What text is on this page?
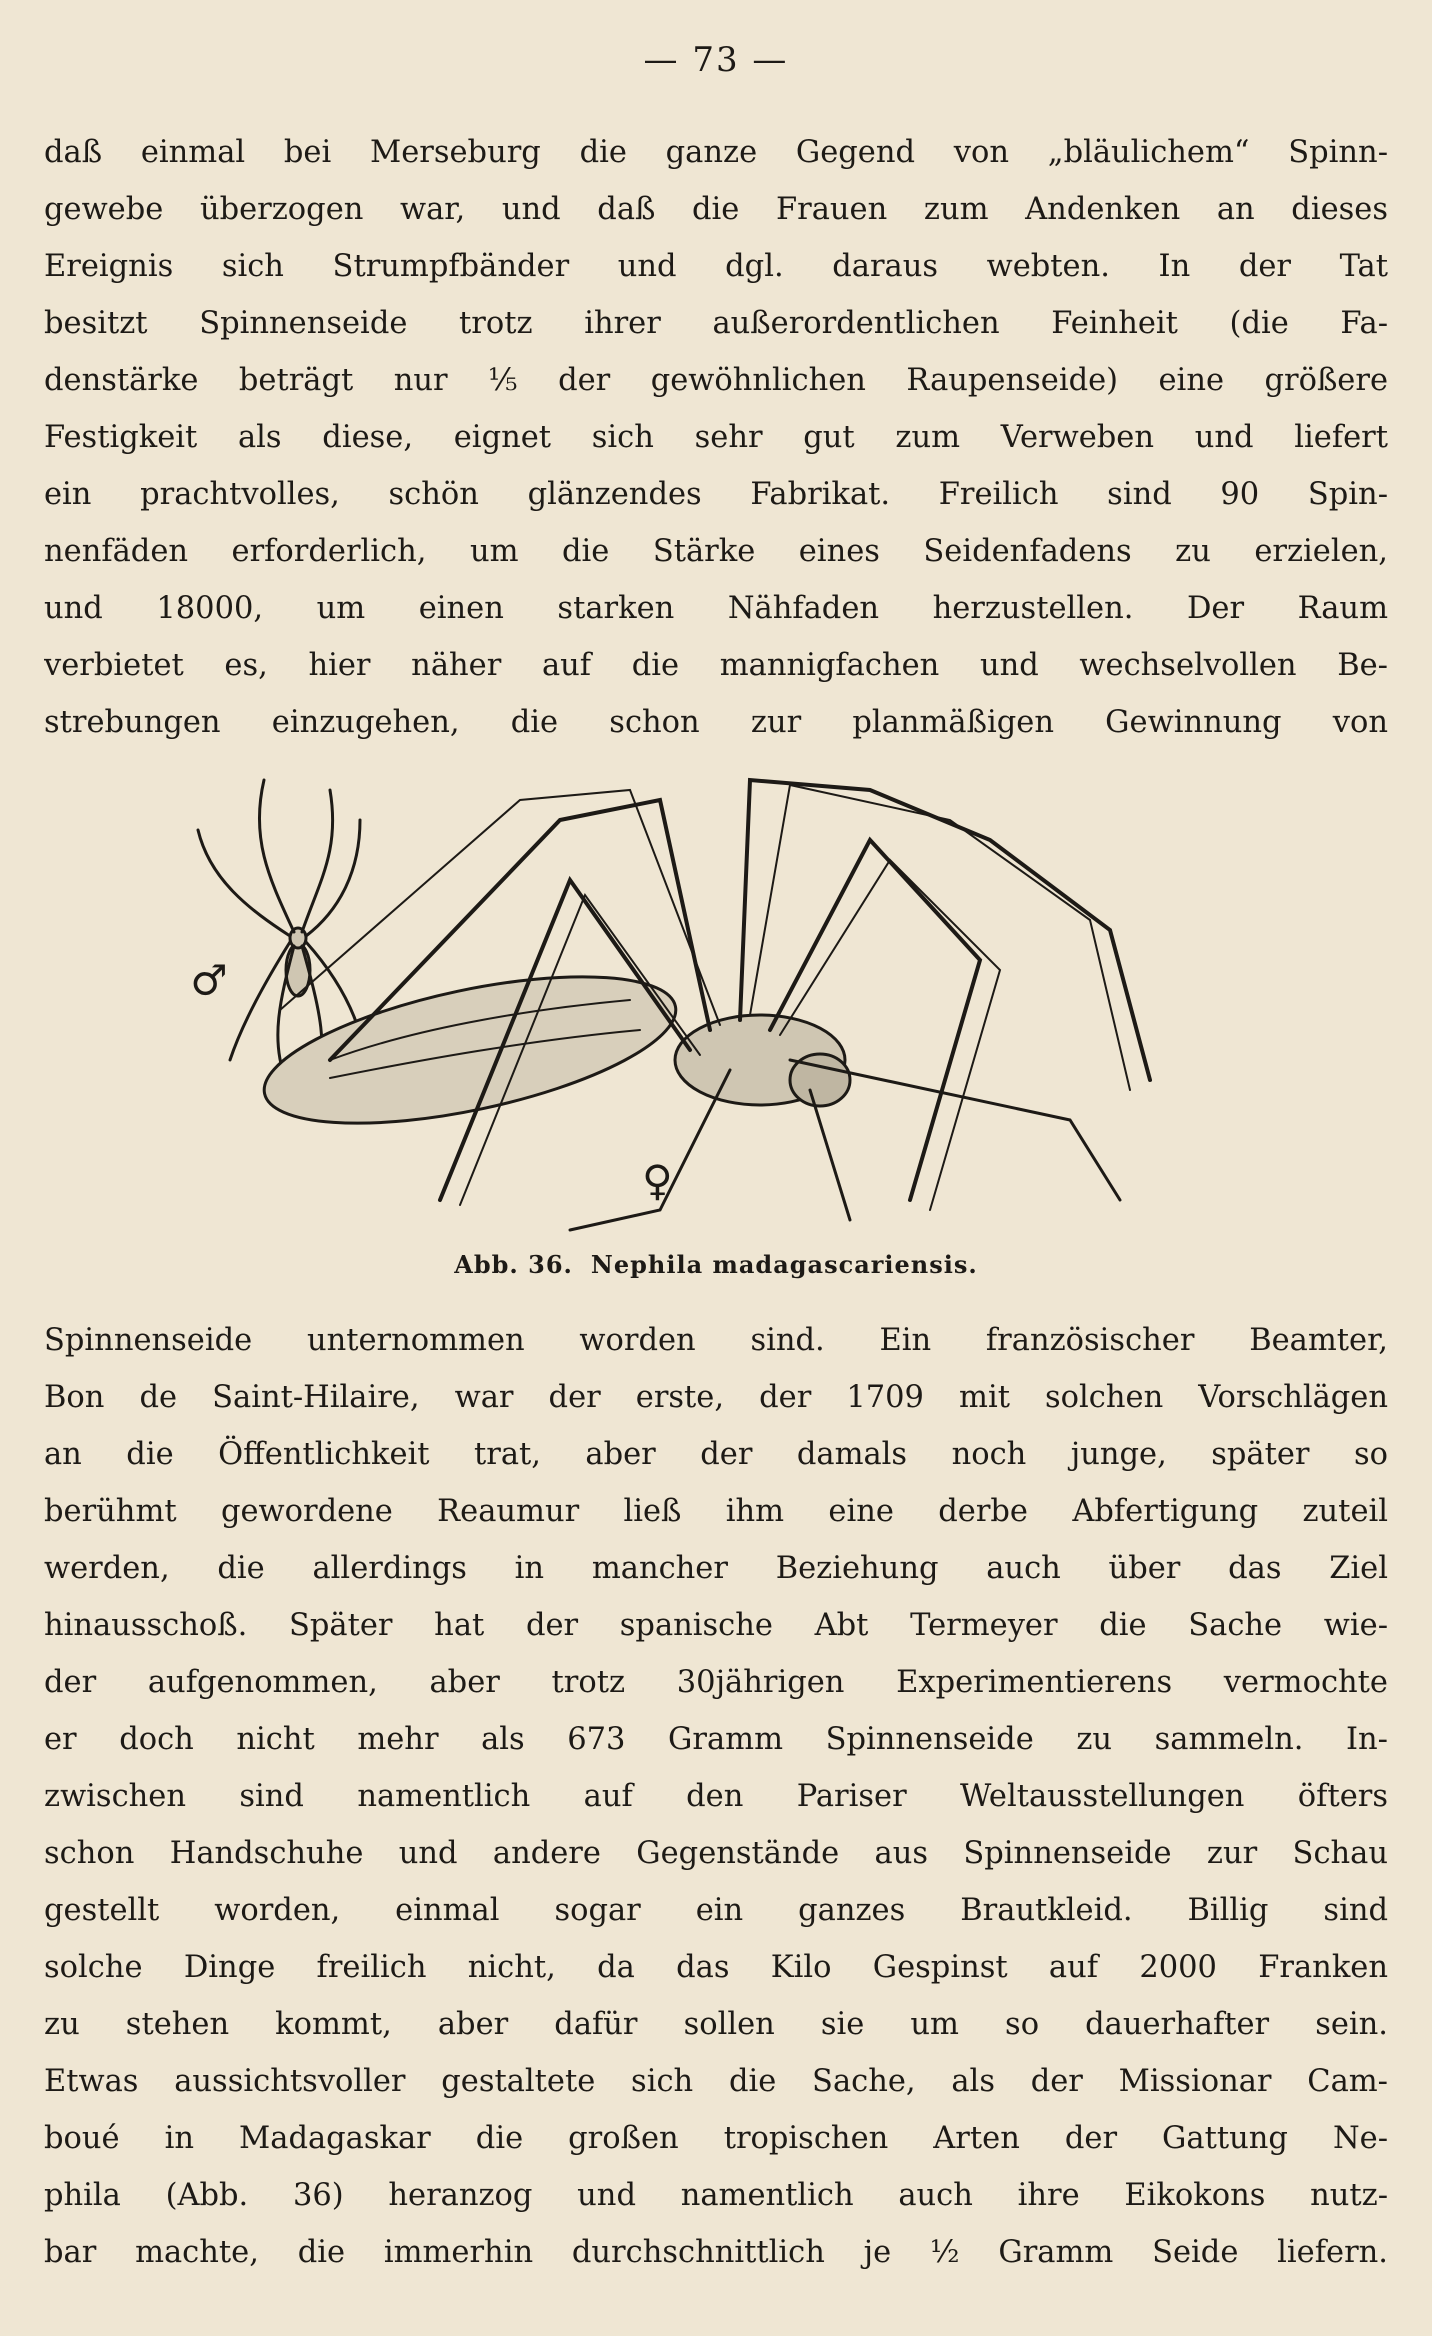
— 73 —
daß einmal bei Merseburg die ganze Gegend von „bläulichem“ Spinn-
gewebe überzogen war, und daß die Frauen zum Andenken an dieses
Ereignis sich Strumpfbänder und dgl. daraus webten. In der Tat
besitzt Spinnenseide trotz ihrer außerordentlichen Feinheit (die Fa-
denstärke beträgt nur ⅕ der gewöhnlichen Raupenseide) eine größere
Festigkeit als diese, eignet sich sehr gut zum Verweben und liefert
ein prachtvolles, schön glänzendes Fabrikat. Freilich sind 90 Spin-
nenfäden erforderlich, um die Stärke eines Seidenfadens zu erzielen,
und 18000, um einen starken Nähfaden herzustellen. Der Raum
verbietet es, hier näher auf die mannigfachen und wechselvollen Be-
strebungen einzugehen, die schon zur planmäßigen Gewinnung von
♂
♀
Abb. 36. Nephila madagascariensis.
Spinnenseide unternommen worden sind. Ein französischer Beamter,
Bon de Saint-Hilaire, war der erste, der 1709 mit solchen Vorschlägen
an die Öffentlichkeit trat, aber der damals noch junge, später so
berühmt gewordene Reaumur ließ ihm eine derbe Abfertigung zuteil
werden, die allerdings in mancher Beziehung auch über das Ziel
hinausschoß. Später hat der spanische Abt Termeyer die Sache wie-
der aufgenommen, aber trotz 30jährigen Experimentierens vermochte
er doch nicht mehr als 673 Gramm Spinnenseide zu sammeln. In-
zwischen sind namentlich auf den Pariser Weltausstellungen öfters
schon Handschuhe und andere Gegenstände aus Spinnenseide zur Schau
gestellt worden, einmal sogar ein ganzes Brautkleid. Billig sind
solche Dinge freilich nicht, da das Kilo Gespinst auf 2000 Franken
zu stehen kommt, aber dafür sollen sie um so dauerhafter sein.
Etwas aussichtsvoller gestaltete sich die Sache, als der Missionar Cam-
boué in Madagaskar die großen tropischen Arten der Gattung Ne-
phila (Abb. 36) heranzog und namentlich auch ihre Eikokons nutz-
bar machte, die immerhin durchschnittlich je ½ Gramm Seide liefern.
